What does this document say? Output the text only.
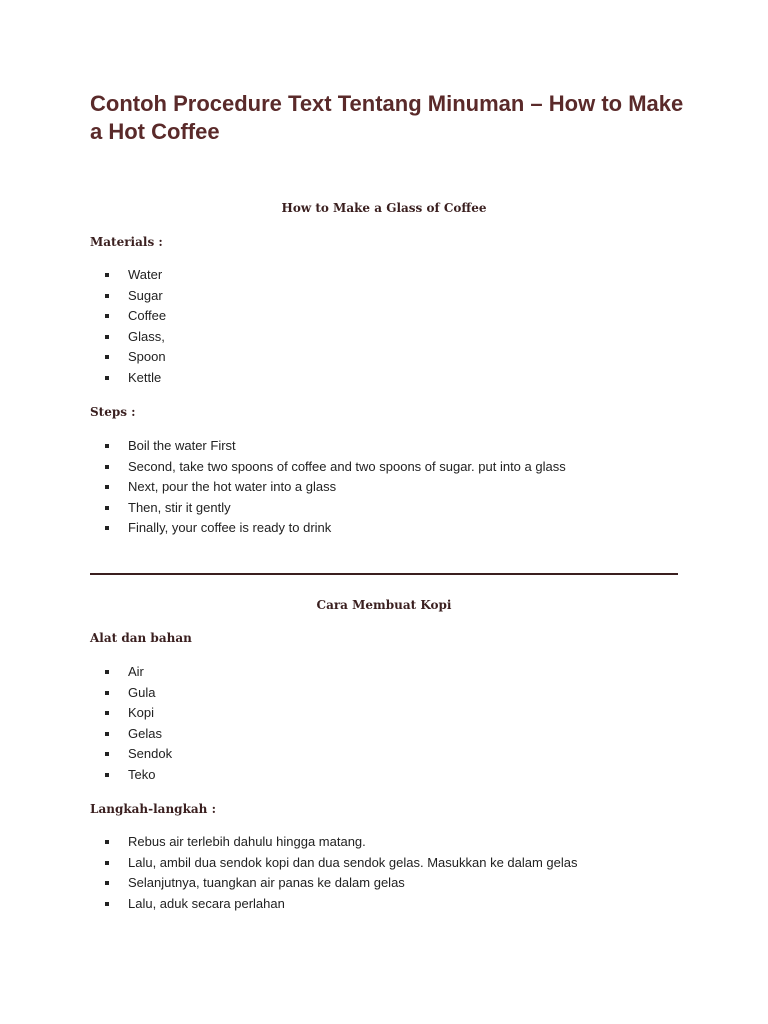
Contoh Procedure Text Tentang Minuman – How to Make a Hot Coffee
How to Make a Glass of Coffee
Materials :
Water
Sugar
Coffee
Glass,
Spoon
Kettle
Steps :
Boil the water First
Second, take two spoons of coffee and two spoons of sugar. put into a glass
Next, pour the hot water into a glass
Then, stir it gently
Finally, your coffee is ready to drink
Cara Membuat Kopi
Alat dan bahan
Air
Gula
Kopi
Gelas
Sendok
Teko
Langkah-langkah :
Rebus air terlebih dahulu hingga matang.
Lalu, ambil dua sendok kopi dan dua sendok gelas. Masukkan ke dalam gelas
Selanjutnya, tuangkan air panas ke dalam gelas
Lalu, aduk secara perlahan
